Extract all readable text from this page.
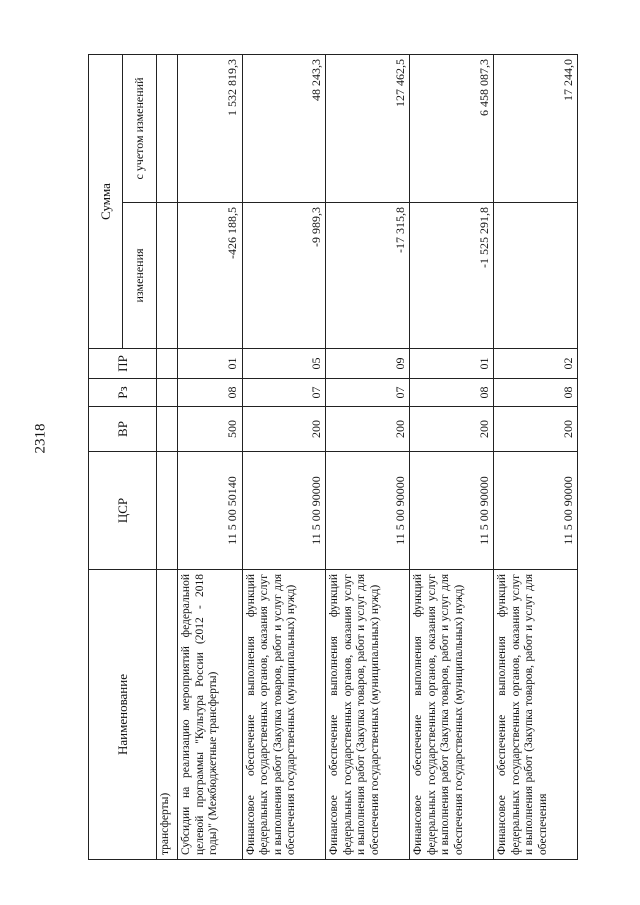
2318
Наименование	ЦСР	ВР	Рз	ПР	Сумма	
					изменения	с учетом изменений
трансферты)						
Субсидии на реализацию мероприятий федеральной целевой программы "Культура России (2012 - 2018 годы)" (Межбюджетные трансферты)	11 5 00 50140	500	08	01	-426 188,5	1 532 819,3
Финансовое обеспечение выполнения функций федеральных государственных органов, оказания услуг и выполнения работ (Закупка товаров, работ и услуг для обеспечения государственных (муниципальных) нужд)	11 5 00 90000	200	07	05	-9 989,3	48 243,3
Финансовое обеспечение выполнения функций федеральных государственных органов, оказания услуг и выполнения работ (Закупка товаров, работ и услуг для обеспечения государственных (муниципальных) нужд)	11 5 00 90000	200	07	09	-17 315,8	127 462,5
Финансовое обеспечение выполнения функций федеральных государственных органов, оказания услуг и выполнения работ (Закупка товаров, работ и услуг для обеспечения государственных (муниципальных) нужд)	11 5 00 90000	200	08	01	-1 525 291,8	6 458 087,3
Финансовое обеспечение выполнения функций федеральных государственных органов, оказания услуг и выполнения работ (Закупка товаров, работ и услуг для обеспечения	11 5 00 90000	200	08	02		17 244,0
